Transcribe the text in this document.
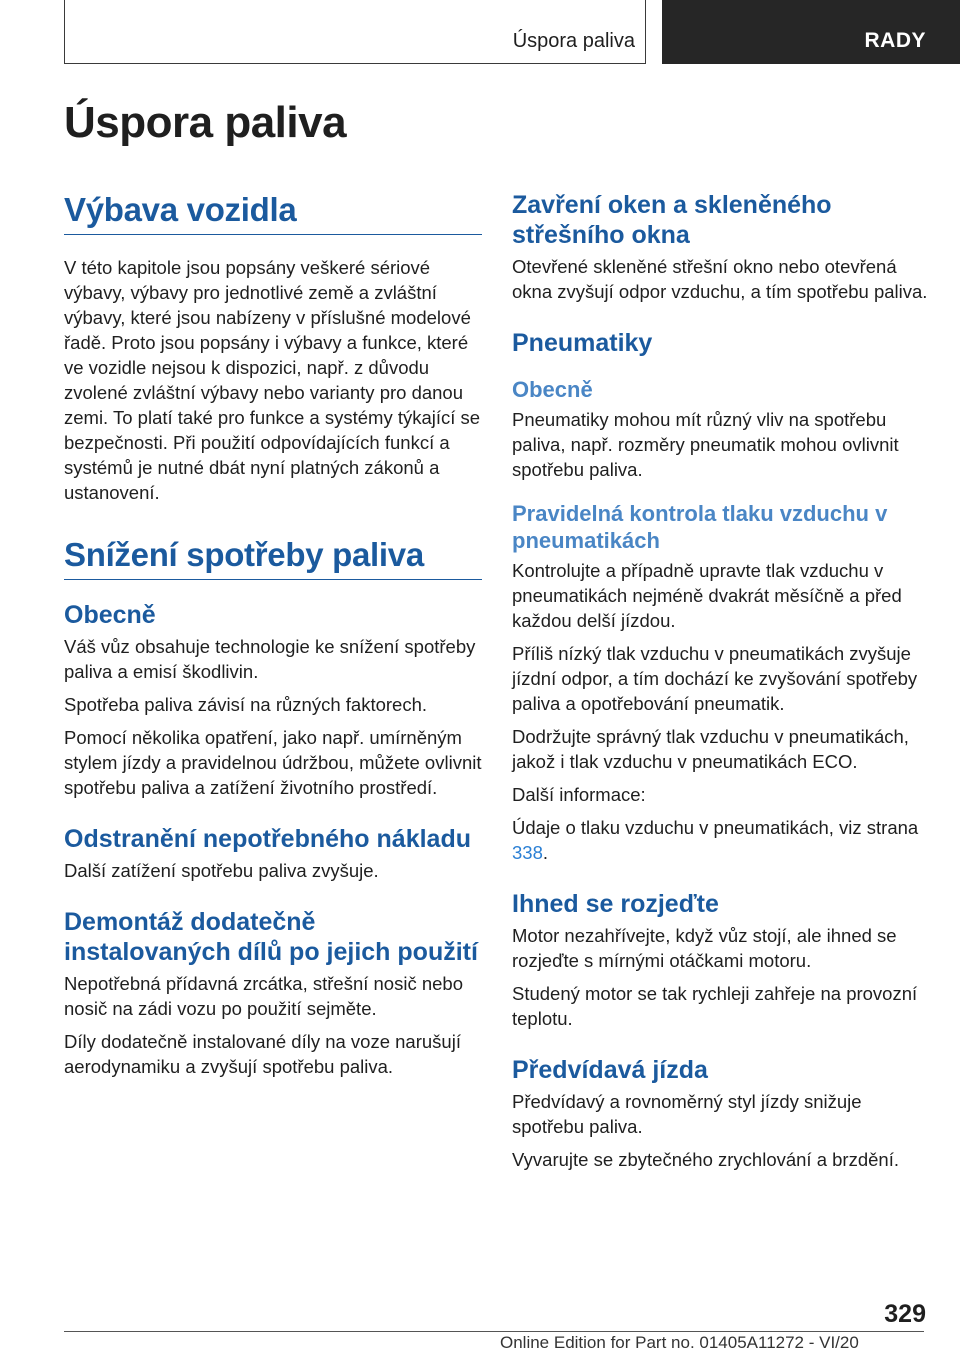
Úspora paliva	RADY
Úspora paliva
Výbava vozidla

V této kapitole jsou popsány veškeré sériové výbavy, výbavy pro jednotlivé země a zvláštní výbavy, které jsou nabízeny v příslušné modelové řadě. Proto jsou popsány i výbavy a funkce, které ve vozidle nejsou k dispozici, např. z důvodu zvolené zvláštní výbavy nebo varianty pro danou zemi. To platí také pro funkce a systémy týkající se bezpečnosti. Při použití odpovídajících funkcí a systémů je nutné dbát nyní platných zákonů a ustanovení.

Snížení spotřeby paliva
Obecně

Váš vůz obsahuje technologie ke snížení spotřeby paliva a emisí škodlivin.

Spotřeba paliva závisí na různých faktorech.

Pomocí několika opatření, jako např. umírněným stylem jízdy a pravidelnou údržbou, můžete ovlivnit spotřebu paliva a zatížení životního prostředí.

Odstranění nepotřebného nákladu

Další zatížení spotřebu paliva zvyšuje.

Demontáž dodatečně instalovaných dílů po jejich použití

Nepotřebná přídavná zrcátka, střešní nosič nebo nosič na zádi vozu po použití sejměte.

Díly dodatečně instalované díly na voze narušují aerodynamiku a zvyšují spotřebu paliva.

Zavření oken a skleněného střešního okna

Otevřené skleněné střešní okno nebo otevřená okna zvyšují odpor vzduchu, a tím spotřebu paliva.

Pneumatiky
Obecně

Pneumatiky mohou mít různý vliv na spotřebu paliva, např. rozměry pneumatik mohou ovlivnit spotřebu paliva.

Pravidelná kontrola tlaku vzduchu v pneumatikách

Kontrolujte a případně upravte tlak vzduchu v pneumatikách nejméně dvakrát měsíčně a před každou delší jízdou.

Příliš nízký tlak vzduchu v pneumatikách zvyšuje jízdní odpor, a tím dochází ke zvyšování spotřeby paliva a opotřebování pneumatik.

Dodržujte správný tlak vzduchu v pneumatikách, jakož i tlak vzduchu v pneumatikách ECO.

Další informace:

Údaje o tlaku vzduchu v pneumatikách, viz strana 338.

Ihned se rozjeďte

Motor nezahřívejte, když vůz stojí, ale ihned se rozjeďte s mírnými otáčkami motoru.

Studený motor se tak rychleji zahřeje na provozní teplotu.

Předvídavá jízda

Předvídavý a rovnoměrný styl jízdy snižuje spotřebu paliva.

Vyvarujte se zbytečného zrychlování a brzdění.

329
Online Edition for Part no. 01405A11272 - VI/20
